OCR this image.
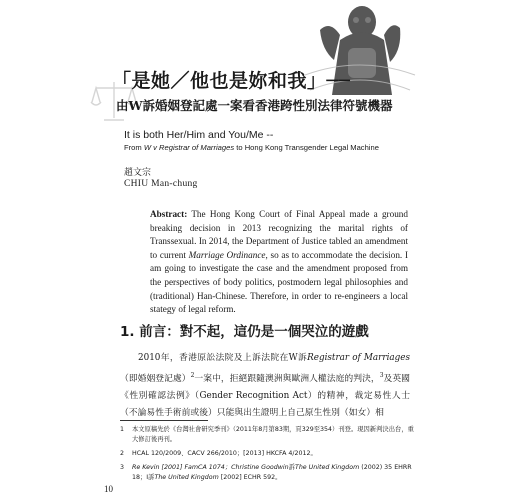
「是她／他也是妳和我」──
由W訴婚姻登記處一案看香港跨性別法律符號機器
It is both Her/Him and You/Me --
From W v Registrar of Marriages to Hong Kong Transgender Legal Machine
趙文宗
CHIU Man-chung
Abstract: The Hong Kong Court of Final Appeal made a ground breaking decision in 2013 recognizing the marital rights of Transsexual. In 2014, the Department of Justice tabled an amendment to current Marriage Ordinance, so as to accommodate the decision. I am going to investigate the case and the amendment proposed from the perspectives of body politics, postmodern legal philosophies and (traditional) Han-Chinese. Therefore, in order to re-engineers a local stategy of legal reform.
1. 前言：對不起，這仍是一個哭泣的遊戲
2010年，香港原訟法院及上訴法院在W訴Registrar of Marriages（即婚姻登記處）$^2$一案中，拒絕跟隨澳洲與歐洲人權法庭的判決，$^3$及英國《性別確認法例》（Gender Recognition Act）的精神，裁定易性人士（不論易性手術前或後）只能與出生證明上自己原生性別（如女）相
1	本文原稿先於《台灣社會研究季刊》（2011年8月第83期，頁329至354）刊登。現因新判決出台，重大修訂後再刊。
2	HCAL 120/2009、CACV 266/2010；[2013] HKCFA 4/2012。
3	Re Kevin [2001] FamCA 1074；Christine Goodwin訴The United Kingdom (2002) 35 EHRR 18；I訴The United Kingdom [2002] ECHR 592。
10
